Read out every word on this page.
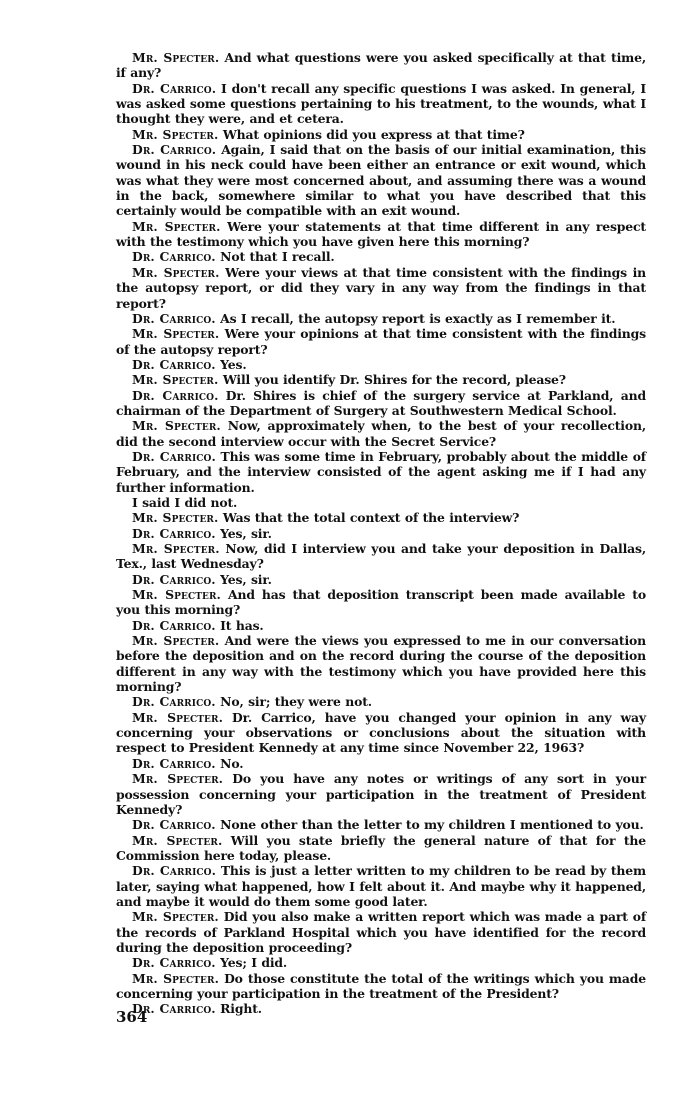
Mr. Specter. And what questions were you asked specifically at that time, if any?

Dr. Carrico. I don't recall any specific questions I was asked. In general, I was asked some questions pertaining to his treatment, to the wounds, what I thought they were, and et cetera.

Mr. Specter. What opinions did you express at that time?

Dr. Carrico. Again, I said that on the basis of our initial examination, this wound in his neck could have been either an entrance or exit wound, which was what they were most concerned about, and assuming there was a wound in the back, somewhere similar to what you have described that this certainly would be compatible with an exit wound.

Mr. Specter. Were your statements at that time different in any respect with the testimony which you have given here this morning?

Dr. Carrico. Not that I recall.

Mr. Specter. Were your views at that time consistent with the findings in the autopsy report, or did they vary in any way from the findings in that report?

Dr. Carrico. As I recall, the autopsy report is exactly as I remember it.

Mr. Specter. Were your opinions at that time consistent with the findings of the autopsy report?

Dr. Carrico. Yes.

Mr. Specter. Will you identify Dr. Shires for the record, please?

Dr. Carrico. Dr. Shires is chief of the surgery service at Parkland, and chairman of the Department of Surgery at Southwestern Medical School.

Mr. Specter. Now, approximately when, to the best of your recollection, did the second interview occur with the Secret Service?

Dr. Carrico. This was some time in February, probably about the middle of February, and the interview consisted of the agent asking me if I had any further information.

I said I did not.

Mr. Specter. Was that the total context of the interview?

Dr. Carrico. Yes, sir.

Mr. Specter. Now, did I interview you and take your deposition in Dallas, Tex., last Wednesday?

Dr. Carrico. Yes, sir.

Mr. Specter. And has that deposition transcript been made available to you this morning?

Dr. Carrico. It has.

Mr. Specter. And were the views you expressed to me in our conversation before the deposition and on the record during the course of the deposition different in any way with the testimony which you have provided here this morning?

Dr. Carrico. No, sir; they were not.

Mr. Specter. Dr. Carrico, have you changed your opinion in any way concerning your observations or conclusions about the situation with respect to President Kennedy at any time since November 22, 1963?

Dr. Carrico. No.

Mr. Specter. Do you have any notes or writings of any sort in your possession concerning your participation in the treatment of President Kennedy?

Dr. Carrico. None other than the letter to my children I mentioned to you.

Mr. Specter. Will you state briefly the general nature of that for the Commission here today, please.

Dr. Carrico. This is just a letter written to my children to be read by them later, saying what happened, how I felt about it. And maybe why it happened, and maybe it would do them some good later.

Mr. Specter. Did you also make a written report which was made a part of the records of Parkland Hospital which you have identified for the record during the deposition proceeding?

Dr. Carrico. Yes; I did.

Mr. Specter. Do those constitute the total of the writings which you made concerning your participation in the treatment of the President?

Dr. Carrico. Right.

364
